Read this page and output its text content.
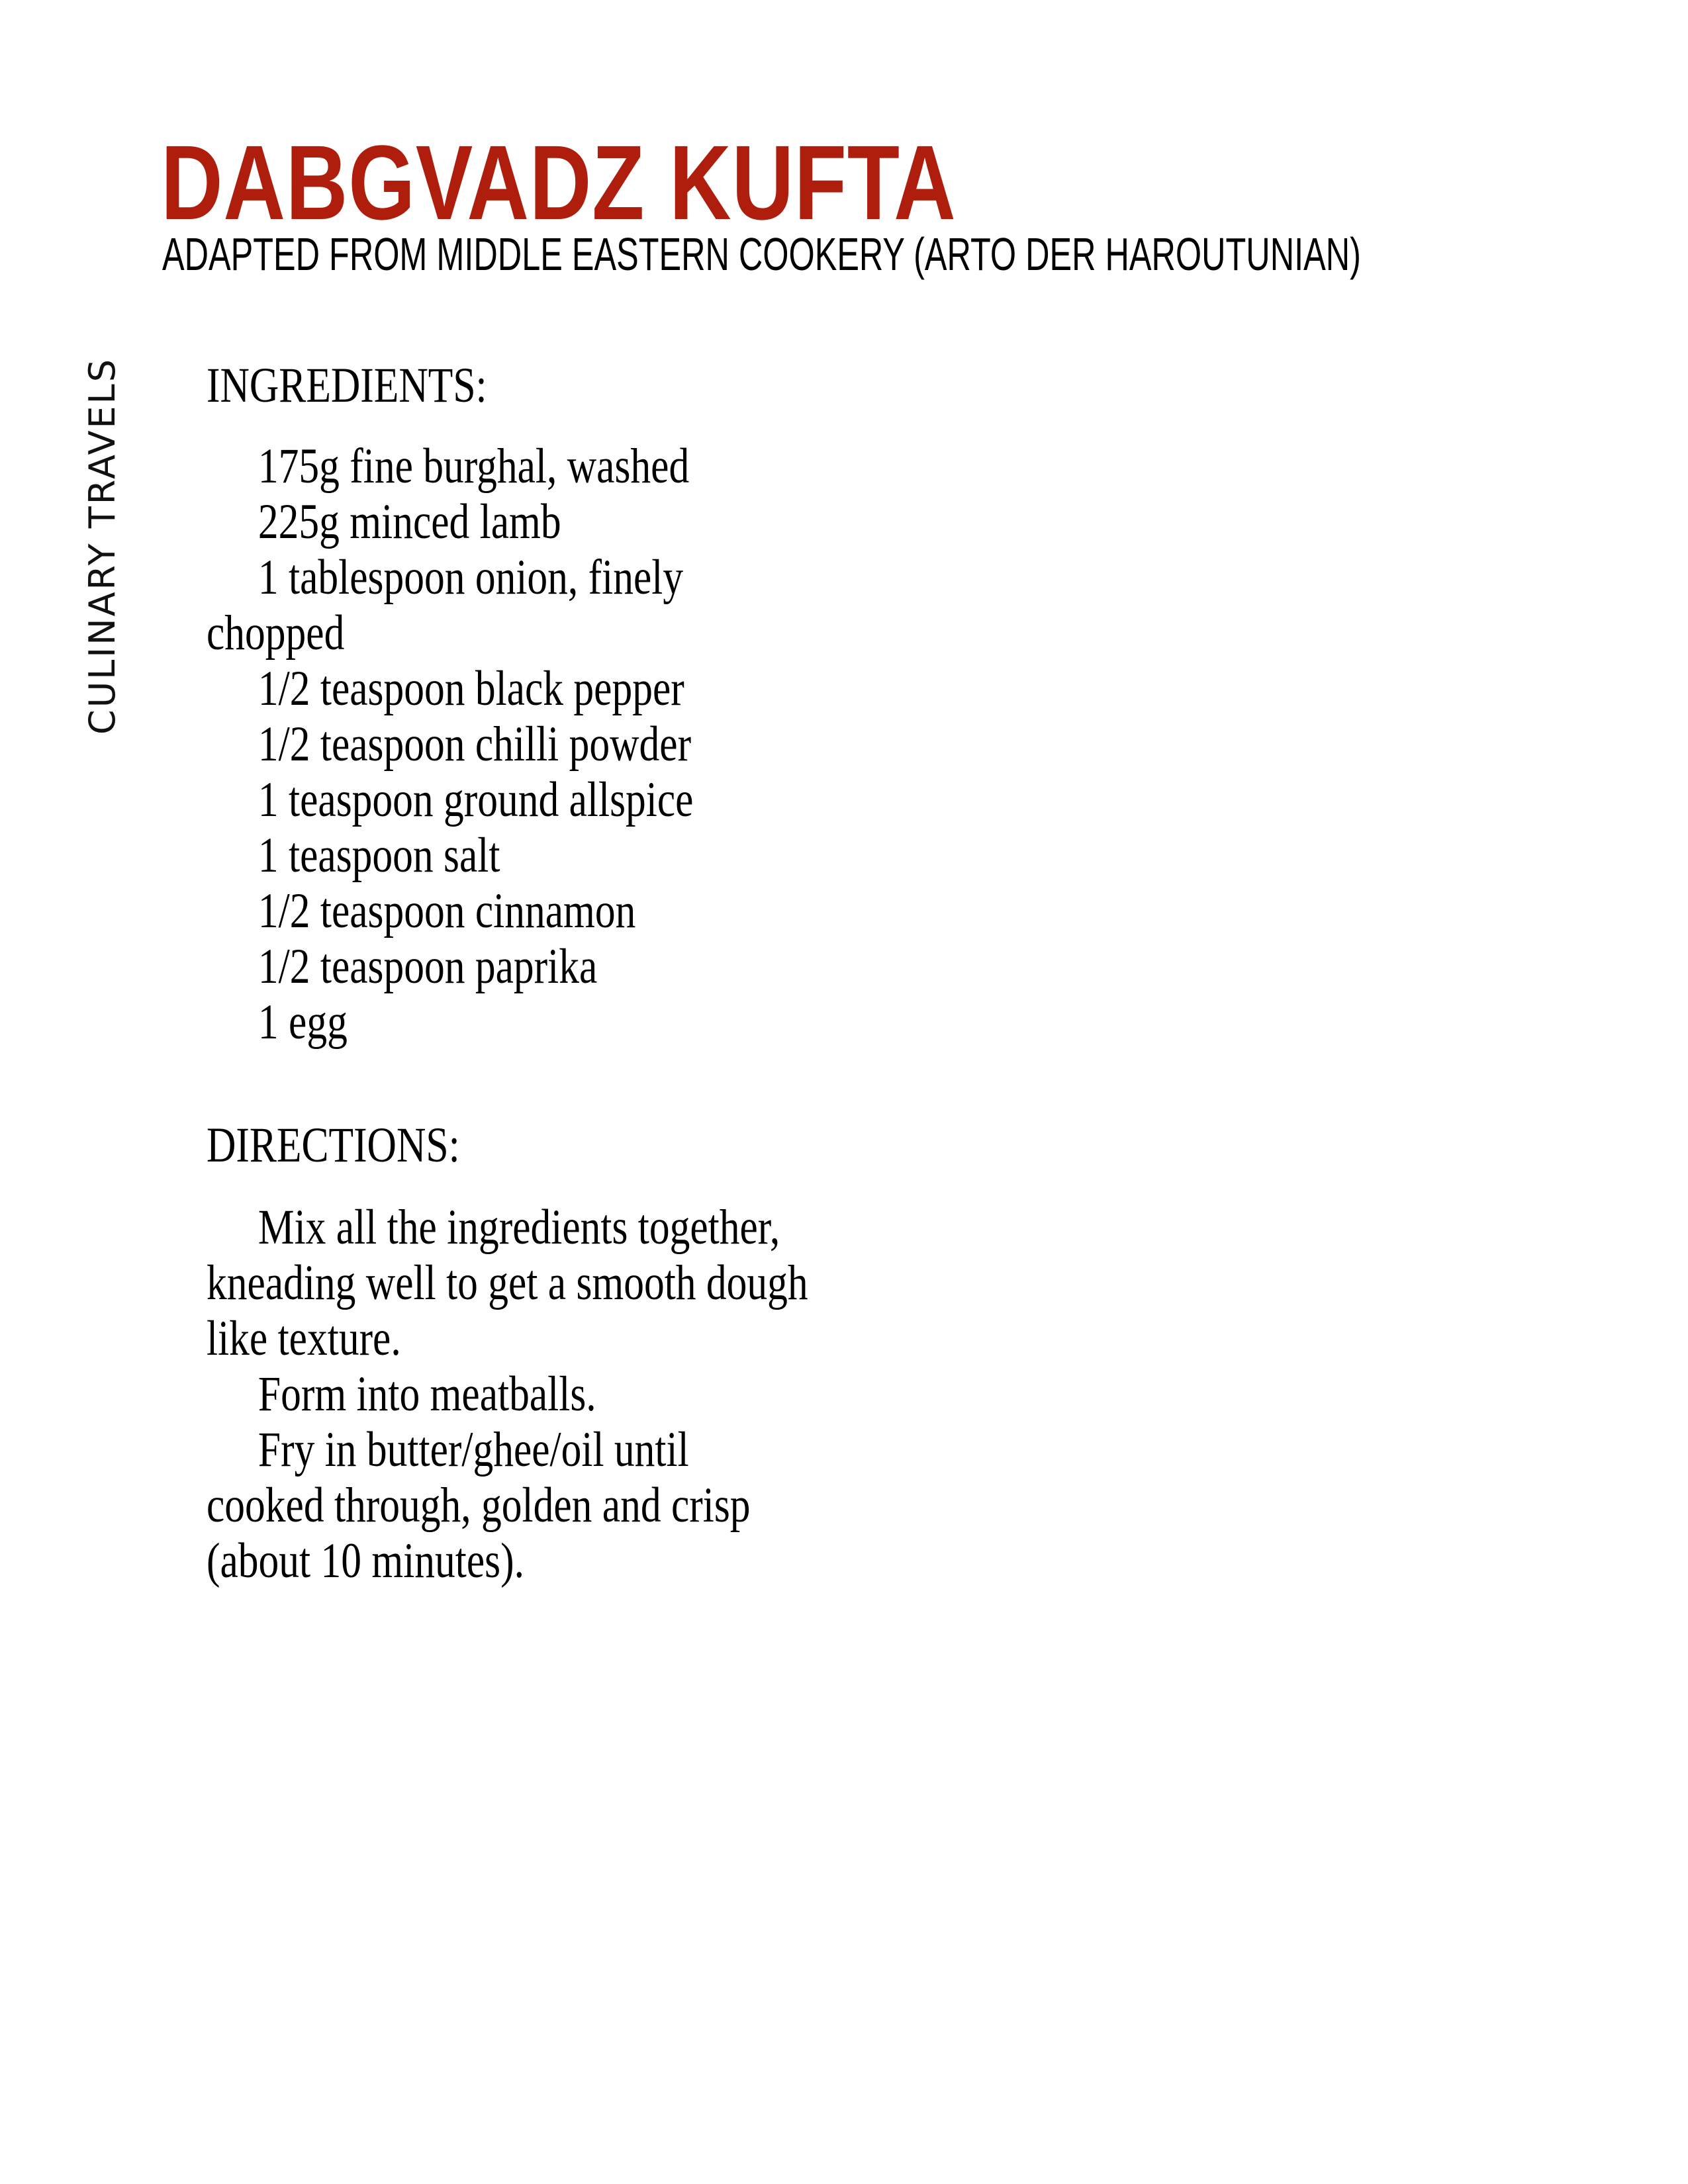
CULINARY TRAVELS
DABGVADZ KUFTA
ADAPTED FROM MIDDLE EASTERN COOKERY (ARTO DER HAROUTUNIAN)
INGREDIENTS:
175g fine burghal, washed
225g minced lamb
1 tablespoon onion, finely
chopped
1/2 teaspoon black pepper
1/2 teaspoon chilli powder
1 teaspoon ground allspice
1 teaspoon salt
1/2 teaspoon cinnamon
1/2 teaspoon paprika
1 egg
DIRECTIONS:
Mix all the ingredients together,
kneading well to get a smooth dough
like texture.
Form into meatballs.
Fry in butter/ghee/oil until
cooked through, golden and crisp
(about 10 minutes).
